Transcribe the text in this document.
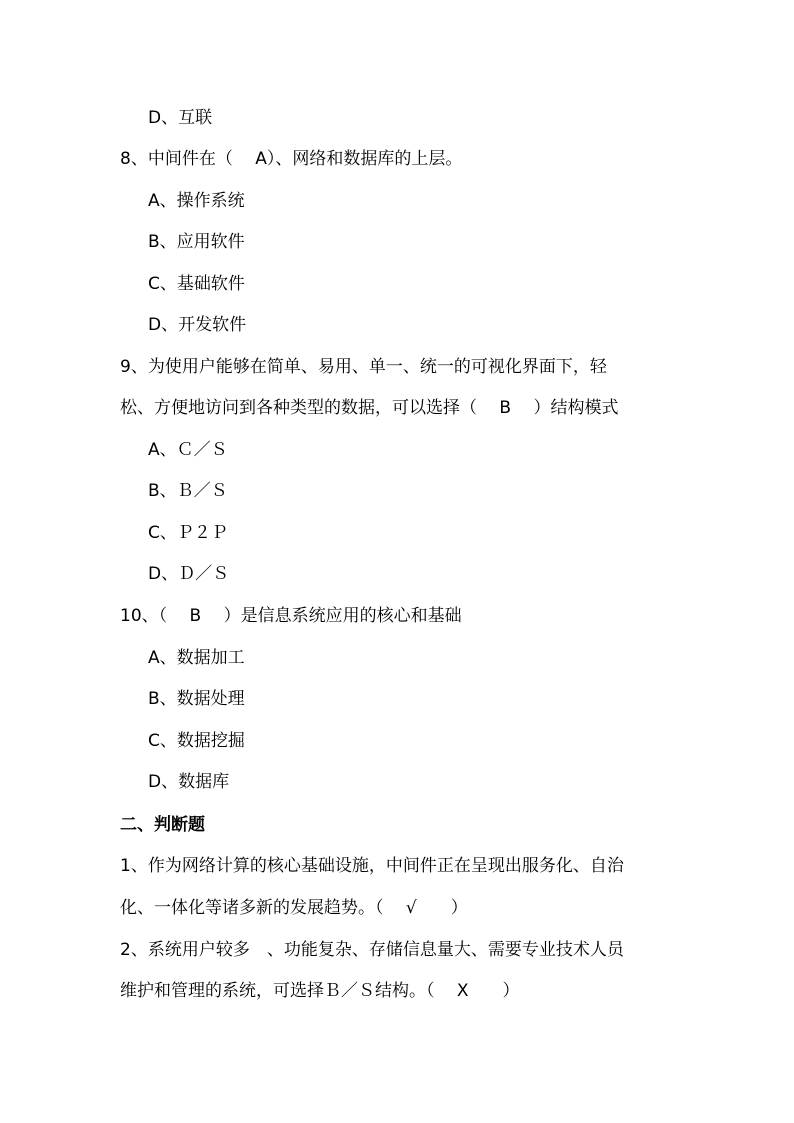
D、互联
8、中间件在（　 A）、网络和数据库的上层。
A、操作系统
B、应用软件
C、基础软件
D、开发软件
9、为使用户能够在简单、易用、单一、统一的可视化界面下，轻
松、方便地访问到各种类型的数据，可以选择（　 B　 ）结构模式
A、Ｃ／Ｓ
B、Ｂ／Ｓ
C、Ｐ２Ｐ
D、Ｄ／Ｓ
10、（　 B　 ）是信息系统应用的核心和基础
A、数据加工
B、数据处理
C、数据挖掘
D、数据库
二、判断题
1、作为网络计算的核心基础设施，中间件正在呈现出服务化、自治
化、一体化等诸多新的发展趋势。（　 √　　）
2、系统用户较多　、功能复杂、存储信息量大、需要专业技术人员
维护和管理的系统，可选择Ｂ／Ｓ结构。（　 X　　）
